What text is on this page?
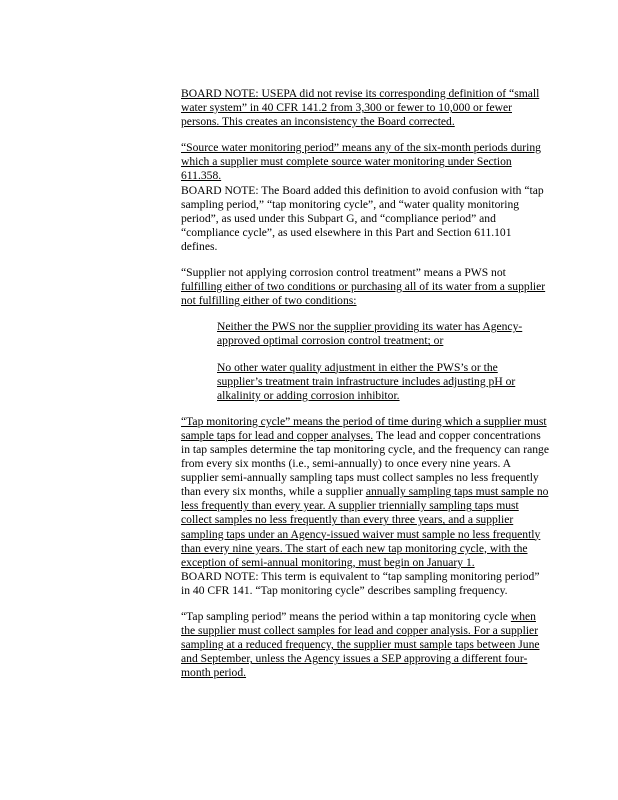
BOARD NOTE: USEPA did not revise its corresponding definition of “small water system” in 40 CFR 141.2 from 3,300 or fewer to 10,000 or fewer persons. This creates an inconsistency the Board corrected.

“Source water monitoring period” means any of the six-month periods during which a supplier must complete source water monitoring under Section 611.358.

BOARD NOTE: The Board added this definition to avoid confusion with “tap sampling period,” “tap monitoring cycle”, and “water quality monitoring period”, as used under this Subpart G, and “compliance period” and “compliance cycle”, as used elsewhere in this Part and Section 611.101 defines.

“Supplier not applying corrosion control treatment” means a PWS not fulfilling either of two conditions or purchasing all of its water from a supplier not fulfilling either of two conditions:

Neither the PWS nor the supplier providing its water has Agency-approved optimal corrosion control treatment; or

No other water quality adjustment in either the PWS’s or the supplier’s treatment train infrastructure includes adjusting pH or alkalinity or adding corrosion inhibitor.

“Tap monitoring cycle” means the period of time during which a supplier must sample taps for lead and copper analyses. The lead and copper concentrations in tap samples determine the tap monitoring cycle, and the frequency can range from every six months (i.e., semi-annually) to once every nine years. A supplier semi-annually sampling taps must collect samples no less frequently than every six months, while a supplier annually sampling taps must sample no less frequently than every year. A supplier triennially sampling taps must collect samples no less frequently than every three years, and a supplier sampling taps under an Agency-issued waiver must sample no less frequently than every nine years. The start of each new tap monitoring cycle, with the exception of semi-annual monitoring, must begin on January 1.

BOARD NOTE: This term is equivalent to “tap sampling monitoring period” in 40 CFR 141. “Tap monitoring cycle” describes sampling frequency.

“Tap sampling period” means the period within a tap monitoring cycle when the supplier must collect samples for lead and copper analysis. For a supplier sampling at a reduced frequency, the supplier must sample taps between June and September, unless the Agency issues a SEP approving a different four-month period.
